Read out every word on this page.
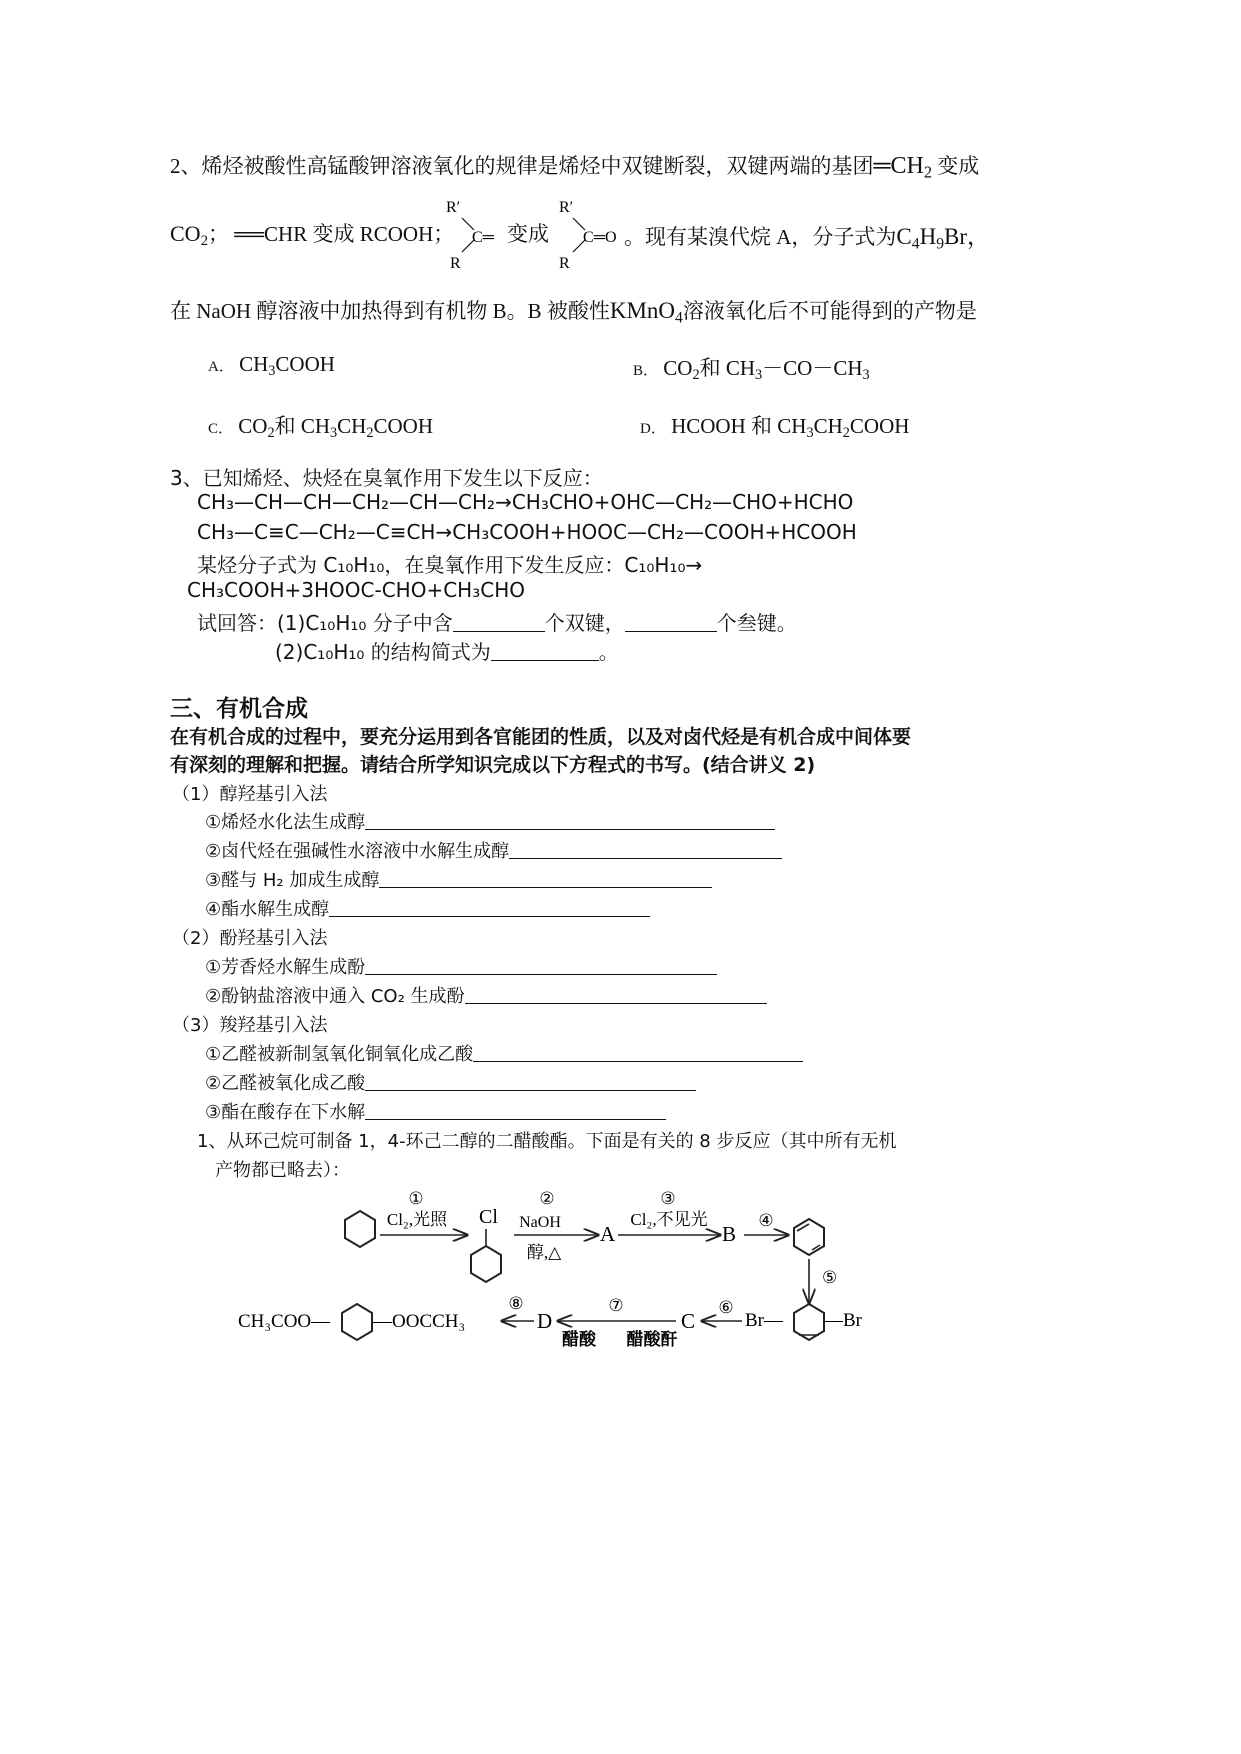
2、烯烃被酸性高锰酸钾溶液氧化的规律是烯烃中双键断裂，双键两端的基团$═CH_2$ 变成
$CO_2$； ══CHR 变成 RCOOH；
R′
R
C═ 变成
R′
R
C═O 。现有某溴代烷 A，分子式为$C_4H_9Br$，
在 NaOH 醇溶液中加热得到有机物 B。B 被酸性KMnO$_4$溶液氧化后不可能得到的产物是
A． $CH_3COOH$	B． $CO_2$和 $CH_3-CO-CH_3$
C． $CO_2$和 $CH_3CH_2COOH$	D． HCOOH 和 $CH_3CH_2COOH$
3、已知烯烃、炔烃在臭氧作用下发生以下反应：
CH₃—CH—CH—CH₂—CH—CH₂→CH₃CHO+OHC—CH₂—CHO+HCHO
CH₃—C≡C—CH₂—C≡CH→CH₃COOH+HOOC—CH₂—COOH+HCOOH
某烃分子式为 C₁₀H₁₀，在臭氧作用下发生反应：C₁₀H₁₀→
CH₃COOH+3HOOC-CHO+CH₃CHO
试回答：(1)C₁₀H₁₀ 分子中含	个双键，	个叁键。
(2)C₁₀H₁₀ 的结构简式为	。
三、有机合成
在有机合成的过程中，要充分运用到各官能团的性质，以及对卤代烃是有机合成中间体要
有深刻的理解和把握。请结合所学知识完成以下方程式的书写。(结合讲义 2)
（1）醇羟基引入法
①烯烃水化法生成醇
②卤代烃在强碱性水溶液中水解生成醇
③醛与 H₂ 加成生成醇
④酯水解生成醇
（2）酚羟基引入法
①芳香烃水解生成酚
②酚钠盐溶液中通入 CO₂ 生成酚
（3）羧羟基引入法
①乙醛被新制氢氧化铜氧化成乙酸
②乙醛被氧化成乙酸
③酯在酸存在下水解
1、从环己烷可制备 1，4-环己二醇的二醋酸酯。下面是有关的 8 步反应（其中所有无机
产物都已略去）：
①
Cl₂,光照 Cl
②
NaOH
醇,△
A
③
Cl₂,不见光
B
④
⑤
Br— —Br
⑥
C
⑦
醋酸 醋酸酐
D
⑧
CH₃COO— —OOCCH₃
